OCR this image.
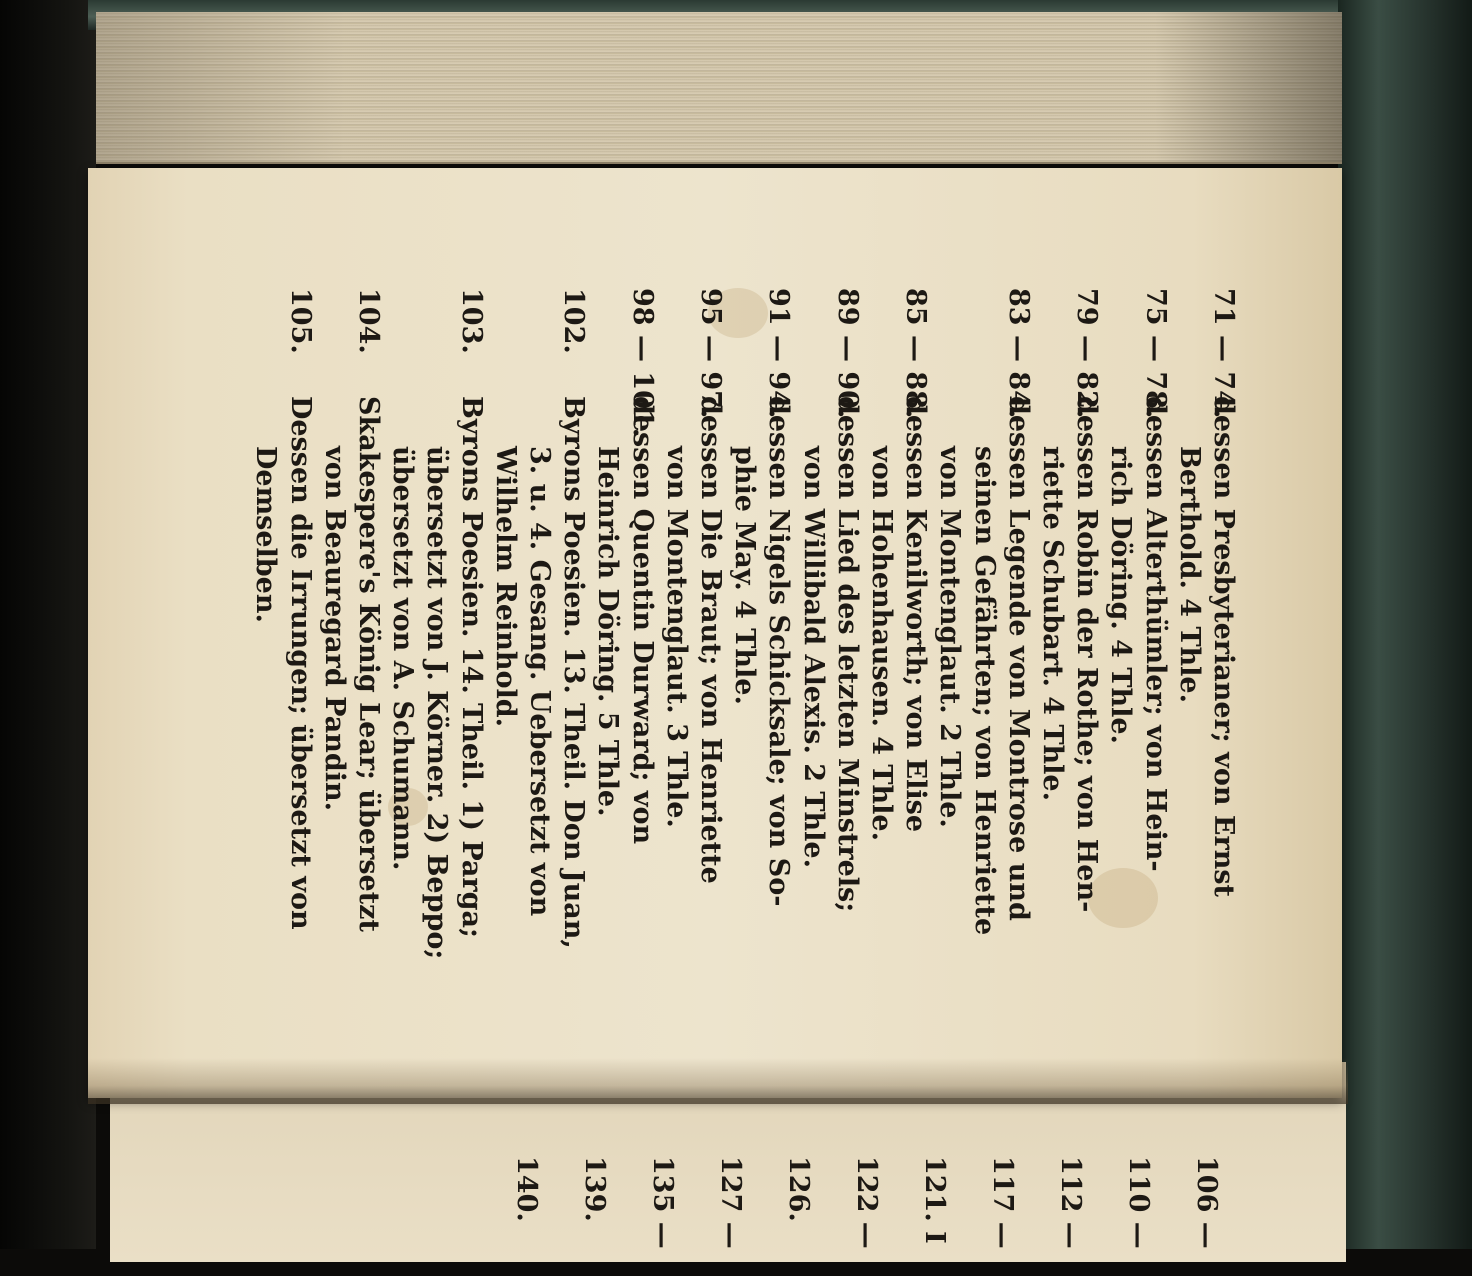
71 — 74.
dessen Presbyterianer; von Ernst
Berthold. 4 Thle.
75 — 78.
dessen Alterthümler; von Hein-
rich Döring. 4 Thle.
79 — 82.
dessen Robin der Rothe; von Hen-
riette Schubart. 4 Thle.
83 — 84.
dessen Legende von Montrose und
seinen Gefährten; von Henriette
von Montenglaut. 2 Thle.
85 — 88.
dessen Kenilworth; von Elise
von Hohenhausen. 4 Thle.
89 — 90.
dessen Lied des letzten Minstrels;
von Willibald Alexis. 2 Thle.
91 — 94.
dessen Nigels Schicksale; von So-
phie May. 4 Thle.
95 — 97.
dessen Die Braut; von Henriette
von Montenglaut. 3 Thle.
98 — 101.
dessen Quentin Durward; von
Heinrich Döring. 5 Thle.
102.
Byrons Poesien. 13. Theil. Don Juan,
3. u. 4. Gesang. Uebersetzt von
Wilhelm Reinhold.
103.
Byrons Poesien. 14. Theil. 1) Parga;
übersetzt von J. Körner. 2) Beppo;
übersetzt von A. Schumann.
104.
Skakespere's König Lear; übersetzt
von Beauregard Pandin.
105.
Dessen die Irrungen; übersetzt von
Demselben.
106 —
110 —
112 —
117 —
121. I
122 —
126.
127 —
135 —
139.
140.
